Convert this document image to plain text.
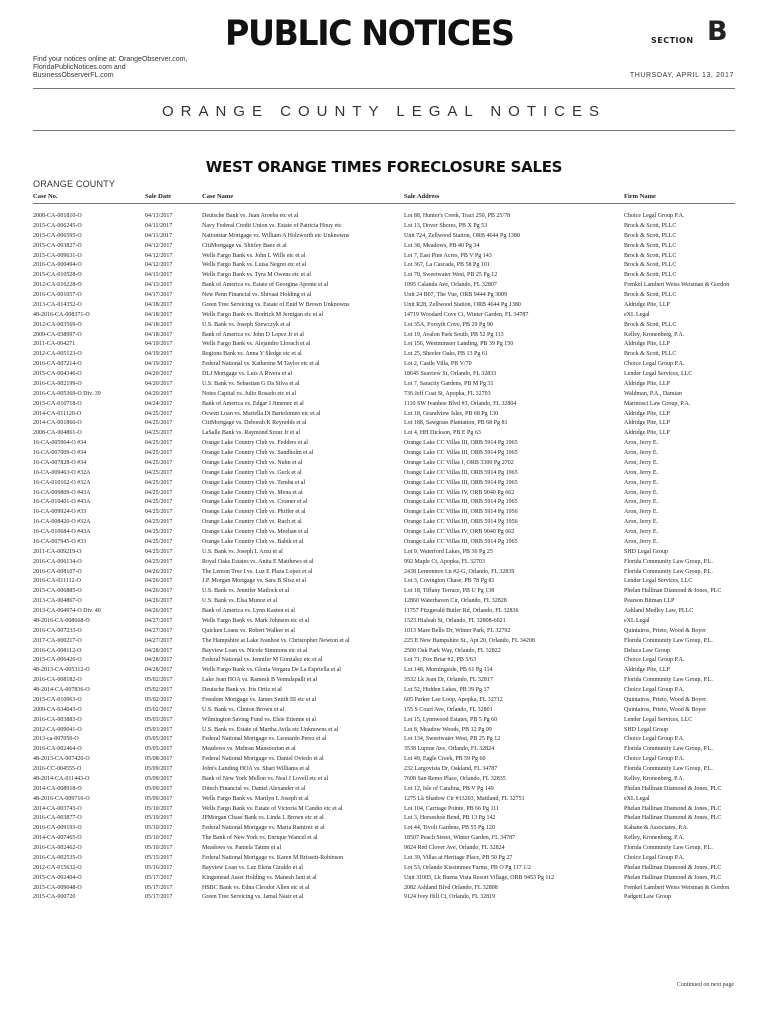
PUBLIC NOTICES	SECTION B
Find your notices online at: OrangeObserver.com,
FloridaPublicNotices.com and
BusinessObserverFL.com	THURSDAY, APRIL 13, 2017
ORANGE COUNTY LEGAL NOTICES
WEST ORANGE TIMES FORECLOSURE SALES
ORANGE COUNTY
Case No.	Sale Date	Case Name	Sale Address	Firm Name
2008-CA-001810-O	04/13/2017	Deutsche Bank vs. Juan Aroeba etc et al	Lot 88, Hunter's Creek, Tract 250, PB 25/78	Choice Legal Group P.A.
2015-CA-006245-O	04/11/2017	Navy Federal Credit Union vs. Estate of Patricia Houy etc	Lot 13, Dover Shores, PB X Pg 53	Brock & Scott, PLLC
2015-CA-006595-O	04/11/2017	Nationstar Mortgage vs. William A Holzworth etc Unknowns	Unit 724, Zellwood Station, ORB 4644 Pg 1380	Brock & Scott, PLLC
2015-CA-003827-O	04/12/2017	CitiMortgage vs. Shirley Baez et al	Lot 38, Meadows, PB 40 Pg 34	Brock & Scott, PLLC
2015-CA-009631-O	04/12/2017	Wells Fargo Bank vs. John L Wills etc et al	Lot 7, East Pine Acres, PB V Pg 143	Brock & Scott, PLLC
2016-CA-000494-O	04/12/2017	Wells Fargo Bank vs. Luisa Negret etc et al	Lot 367, La Cascada, PB 58 Pg 101	Brock & Scott, PLLC
2015-CA-010528-O	04/13/2017	Wells Fargo Bank vs. Tyra M Owens etc et al	Lot 70, Sweetwater West, PB 25 Pg 12	Brock & Scott, PLLC
2012-CA-016228-O	04/13/2017	Bank of America vs. Estate of Georgina Aponte et al	1095 Calanda Ave, Orlando, FL 32807	Frenkel Lambert Weiss Weisman & Gordon
2016-CA-001057-O	04/17/2017	New Penn Financial vs. Shivaai Holding et al	Unit 24 B07, The Vue, ORB 9444 Pg 3009	Brock & Scott, PLLC
2013-CA-014352-O	04/18/2017	Green Tree Servicing vs. Estate of Enid W Brown Unknowns	Unit R28, Zellwood Station, ORB 4644 Pg 1380	Aldridge Pite, LLP
48-2016-CA-008371-O	04/18/2017	Wells Fargo Bank vs. Rodrick M Jernigan etc et al	14719 Woodard Cove Ct, Winter Garden, FL 34787	eXL Legal
2012-CA-003569-O	04/18/2017	U.S. Bank vs. Joseph Szewczyk et al	Lot 35A, Forsyth Cove, PB 29 Pg 90	Brock & Scott, PLLC
2009-CA-038997-O	04/18/2017	Bank of America vs. John D Lopez Jr et al	Lot 19, Avalon Park South, PB 52 Pg 113	Kelley, Kronenberg, P.A.
2011-CA-004271	04/19/2017	Wells Fargo Bank vs. Alejandro Llorach et al	Lot 156, Westminster Landing, PB 39 Pg 150	Aldridge Pite, LLP
2012-CA-005123-O	04/19/2017	Regions Bank vs. Anna Y Sledge etc et al	Lot 25, Sheeler Oaks, PB 13 Pg 61	Brock & Scott, PLLC
2016-CA-007214-O	04/19/2017	Federal National vs. Katherine M Taylor etc et al	Lot 2, Castle Villa, PB V/70	Choice Legal Group P.A.
2015-CA-004346-O	04/20/2017	DLJ Mortgage vs. Luis A Rivera et al	18645 Seaview St, Orlando, FL 32833	Lender Legal Services, LLC
2016-CA-002199-O	04/20/2017	U.S. Bank vs. Sebastian G Da Silva et al	Lot 7, Saracity Gardens, PB M Pg 31	Aldridge Pite, LLP
2016-CA-005369-O Div. 39	04/20/2017	Notes Capital vs. Julio Rosado etc et al	736 Jeff Coat St, Apopka, FL 32703	Waldman, P.A., Damian
2015-CA-010718-O	04/24/2017	Bank of America vs. Edgar J Jimenez et al	1110 SW Ivanhoe Blvd #3, Orlando, FL 32804	Marinosci Law Group, P.A.
2014-CA-011120-O	04/25/2017	Ocwen Loan vs. Mariella Di Bartolomeo etc et al	Lot 18, Grandview Isles, PB 68 Pg 130	Aldridge Pite, LLP
2014-CA-001860-O	04/25/2017	CitiMortgage vs. Deborah K Reynolds et al	Lot 188, Sawgrass Plantation, PB 68 Pg 81	Aldridge Pite, LLP
2008-CA-004861-O	04/25/2017	LaSalle Bank vs. Raymond Srour Jr et al	Lot 4, HH Dickson, PB E Pg 63	Aldridge Pite, LLP
16-CA-005964-O #34	04/25/2017	Orange Lake Country Club vs. Fedders et al	Orange Lake CC Villas III, ORB 5914 Pg 1965	Aron, Jerry E.
16-CA-007009-O #34	04/25/2017	Orange Lake Country Club vs. Sandholm et al	Orange Lake CC Villas III, ORB 5914 Pg 1965	Aron, Jerry E.
16-CA-007828-O #34	04/25/2017	Orange Lake Country Club vs. Nuhn et al	Orange Lake CC Villas I, ORB 3300 Pg 2702	Aron, Jerry E.
16-CA-009463-O #32A	04/25/2017	Orange Lake Country Club vs. Geck et al	Orange Lake CC Villas III, ORB 5914 Pg 1965	Aron, Jerry E.
16-CA-010162-O #32A	04/25/2017	Orange Lake Country Club vs. Temba et al	Orange Lake CC Villas III, ORB 5914 Pg 1965	Aron, Jerry E.
16-CA-009809-O #43A	04/25/2017	Orange Lake Country Club vs. Mena et al	Orange Lake CC Villas IV, ORB 9040 Pg 662	Aron, Jerry E.
16-CA-010401-O #43A	04/25/2017	Orange Lake Country Club vs. Cromer et al	Orange Lake CC Villas III, ORB 5914 Pg 1965	Aron, Jerry E.
16-CA-009924-O #33	04/25/2017	Orange Lake Country Club vs. Phiffer et al	Orange Lake CC Villas III, ORB 5914 Pg 1956	Aron, Jerry E.
16-CA-008420-O #32A	04/25/2017	Orange Lake Country Club vs. Ruch et al	Orange Lake CC Villas III, ORB 5914 Pg 1956	Aron, Jerry E.
16-CA-010684-O #43A	04/25/2017	Orange Lake Country Club vs. Meehan et al	Orange Lake CC Villas IV, ORB 9040 Pg 662	Aron, Jerry E.
16-CA-007945-O #33	04/25/2017	Orange Lake Country Club vs. Babik et al	Orange Lake CC Villas III, ORB 5914 Pg 1965	Aron, Jerry E.
2011-CA-009219-O	04/25/2017	U.S. Bank vs. Joseph L Arzu et al	Lot 9, Waterford Lakes, PB 36 Pg 25	SHD Legal Group
2016-CA-006134-O	04/25/2017	Royal Oaks Estates vs. Anita E Matthews et al	992 Maple Ct, Apopka, FL 32703	Florida Community Law Group, P.L.
2016-CA-008107-O	04/26/2017	The Lemon Tree I vs. Luz E Plaza Lopez et al	2438 Lemontree Ln #2-G, Orlando, FL 32839	Florida Community Law Group, P.L.
2016-CA-011112-O	04/26/2017	J.P. Morgan Mortgage vs. Sara B Slisz et al	Lot 3, Covington Chase, PB 78 Pg 81	Lender Legal Services, LLC
2015-CA-006885-O	04/26/2017	U.S. Bank vs. Jennifer Matlock et al	Lot 18, Tiffany Terrace, PB U Pg 138	Phelan Hallinan Diamond & Jones, PLC
2013-CA-004867-O	04/26/2017	U.S. Bank vs. Elsa Munoz et al	12860 Waterhaven Cir, Orlando, FL 32828	Pearson Bitman LLP
2013-CA-004974-O Div. 40	04/26/2017	Bank of America vs. Lynn Kasten et al	11757 Fitzgerald Butler Rd, Orlando, FL 32836	Ashland Medley Law, PLLC
48-2016-CA-008668-O	04/27/2017	Wells Fargo Bank vs. Mark Johnson etc et al	1523 Hialeah St, Orlando, FL 32808-6021	eXL Legal
2016-CA-007233-O	04/27/2017	Quicken Loans vs. Robert Walker et al	1013 Mare Bello Dr, Winter Park, FL 32792	Quintairos, Prieto, Wood & Boyer
2017-CA-000217-O	04/27/2017	The Hampshire at Lake Ivanhoe vs. Christopher Newton et al	225 E New Hampshire St., Apt 20, Orlando, FL 34208	Florida Community Law Group, P.L.
2016-CA-008112-O	04/28/2017	Bayview Loan vs. Nicole Simmons etc et al	2500 Oak Park Way, Orlando, FL 32822	Deluca Law Group
2015-CA-006426-O	04/28/2017	Federal National vs. Jennifer M Gonzalez etc et al	Lot 71, Fox Briar #2, PB 5/63	Choice Legal Group P.A.
48-2013-CA-005312-O	04/28/2017	Wells Fargo Bank vs. Gloria Vergara De La Espriella et al	Lot 148, Morningside, PB 61 Pg 114	Aldridge Pite, LLP
2016-CA-008182-O	05/02/2017	Lake Jean HOA vs. Ramesh B Vemulapalli et al	3532 Lk Jean Dr, Orlando, FL 32817	Florida Community Law Group, P.L.
48-2014-CA-007836-O	05/02/2017	Deutsche Bank vs. Iris Ortiz et al	Lot 52, Hidden Lakes, PB 39 Pg 17	Choice Legal Group P.A.
2015-CA-010963-O	05/02/2017	Freedom Mortgage vs. James Smith III etc et al	605 Parker Lee Loop, Apopka, FL 32712	Quintairos, Prieto, Wood & Boyer
2009-CA-034043-O	05/02/2017	U.S. Bank vs. Clinton Brown et al	155 S Court Ave, Orlando, FL 32801	Quintairos, Prieto, Wood & Boyer
2016-CA-003883-O	05/03/2017	Wilmington Saving Fund vs. Elsie Etienne et al	Lot 15, Lynnwood Estates, PB 5 Pg 60	Lender Legal Services, LLC
2012-CA-009041-O	05/03/2017	U.S. Bank vs. Estate of Martha Avila etc Unknowns et al	Lot 8, Meadow Woods, PB 12 Pg 99	SHD Legal Group
2013-ca-007050-O	05/05/2017	Federal National Mortgage vs. Leonardo Perez et al	Lot 134, Sweetwater West, PB 25 Pg 12	Choice Legal Group P.A.
2016-CA-002464-O	05/05/2017	Meadows vs. Mehran Mansoorian et al	3538 Lupine Ave, Orlando, FL 32824	Florida Community Law Group, P.L.
48-2013-CA-007420-O	05/08/2017	Federal National Mortgage vs. Daniel Oviedo et al	Lot 49, Eagle Creek, PB 59 Pg 60	Choice Legal Group P.A.
2016-CC-004555-O	05/09/2017	John's Landing HOA vs. Shari Williams et al	232 Largovista Dr, Oakland, FL 34787	Florida Community Law Group, P.L.
48-2014-CA-011443-O	05/09/2017	Bank of New York Mellon vs. Neal J Lovell etc et al	7608 San Remo Place, Orlando, FL 32835	Kelley, Kronenberg, P.A.
2014-CA-008918-O	05/09/2017	Ditech Financial vs. Daniel Alexander et al	Lot 12, Isle of Catalina, PB V Pg 149	Phelan Hallinan Diamond & Jones, PLC
48-2016-CA-009716-O	05/09/2017	Wells Fargo Bank vs. Marilyn L Joseph et al	1275 Lk Shadow Cir #13203, Maitland, FL 32751	eXL Legal
2014-CA-003743-O	05/10/2017	Wells Fargo Bank vs. Estate of Victoria M Candio etc et al	Lot 104, Carriage Pointe, PB 66 Pg 111	Phelan Hallinan Diamond & Jones, PLC
2016-CA-003877-O	05/10/2017	JPMorgan Chase Bank vs. Linda L Brown etc et al	Lot 3, Horseshoe Bend, PB 13 Pg 142	Phelan Hallinan Diamond & Jones, PLC
2016-CA-009193-O	05/10/2017	Federal National Mortgage vs. Maria Ramirez et al	Lot 44, Tivoli Gardens, PB 55 Pg 120	Kahane & Associates, P.A.
2014-CA-007465-O	05/10/2017	The Bank of New York vs. Enrique Wancel et al	18507 Peach Street, Winter Garden, FL 34787	Kelley, Kronenberg, P.A.
2016-CA-002462-O	05/10/2017	Meadows vs. Pamela Tatum et al	9824 Red Clover Ave, Orlando, FL 32824	Florida Community Law Group, P.L.
2016-CA-002535-O	05/15/2017	Federal National Mortgage vs. Karen M Brissett-Robinson	Lot 39, Villas at Heritage Place, PB 50 Pg 27	Choice Legal Group P.A.
2012-CA-015632-O	05/16/2017	Bayview Loan vs. Luz Elena Giraldo et al	Lot 53, Orlando Kissimmee Farms, PB O Pg 117 1/2	Phelan Hallinan Diamond & Jones, PLC
2015-CA-002404-O	05/17/2017	Kingsmead Asset Holding vs. Manesh Jani et al	Unit 31005, Lk Buena Vista Resort Village, ORB 9453 Pg 112	Phelan Hallinan Diamond & Jones, PLC
2015-CA-009048-O	05/17/2017	HSBC Bank vs. Edna Cleodor Allen etc et al	2082 Ashland Blvd Orlando, FL 32808	Frenkel Lambert Weiss Weisman & Gordon
2015-CA-000720	05/17/2017	Green Tree Servicing vs. Jamal Nasir et al	9124 Ivey Hill Ct, Orlando, FL 32819	Padgett Law Group
Continued on next page
